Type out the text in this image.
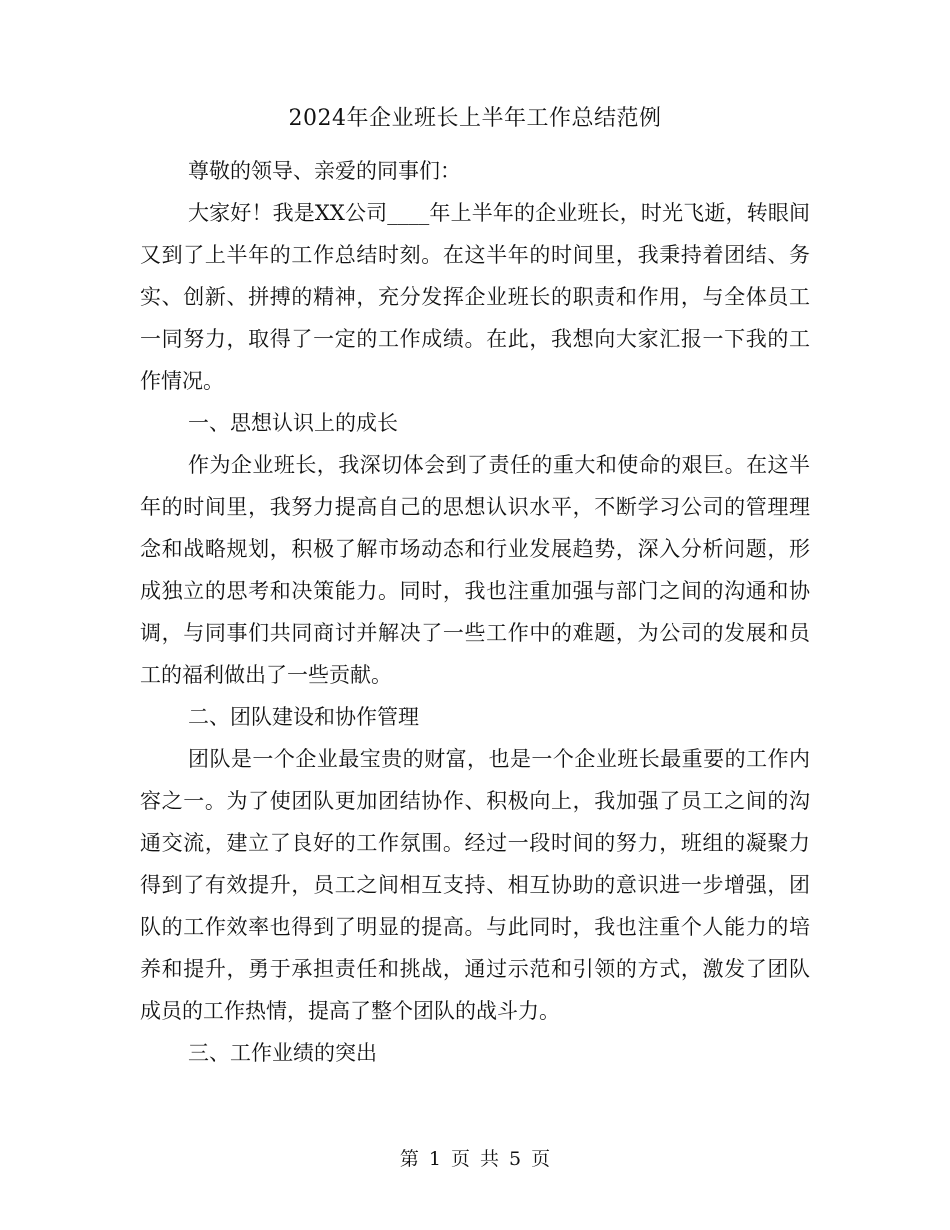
2024年企业班长上半年工作总结范例

尊敬的领导、亲爱的同事们：

大家好！我是XX公司____年上半年的企业班长，时光飞逝，转眼间又到了上半年的工作总结时刻。在这半年的时间里，我秉持着团结、务实、创新、拼搏的精神，充分发挥企业班长的职责和作用，与全体员工一同努力，取得了一定的工作成绩。在此，我想向大家汇报一下我的工作情况。

一、思想认识上的成长

作为企业班长，我深切体会到了责任的重大和使命的艰巨。在这半年的时间里，我努力提高自己的思想认识水平，不断学习公司的管理理念和战略规划，积极了解市场动态和行业发展趋势，深入分析问题，形成独立的思考和决策能力。同时，我也注重加强与部门之间的沟通和协调，与同事们共同商讨并解决了一些工作中的难题，为公司的发展和员工的福利做出了一些贡献。

二、团队建设和协作管理

团队是一个企业最宝贵的财富，也是一个企业班长最重要的工作内容之一。为了使团队更加团结协作、积极向上，我加强了员工之间的沟通交流，建立了良好的工作氛围。经过一段时间的努力，班组的凝聚力得到了有效提升，员工之间相互支持、相互协助的意识进一步增强，团队的工作效率也得到了明显的提高。与此同时，我也注重个人能力的培养和提升，勇于承担责任和挑战，通过示范和引领的方式，激发了团队成员的工作热情，提高了整个团队的战斗力。

三、工作业绩的突出

第 1 页 共 5 页
